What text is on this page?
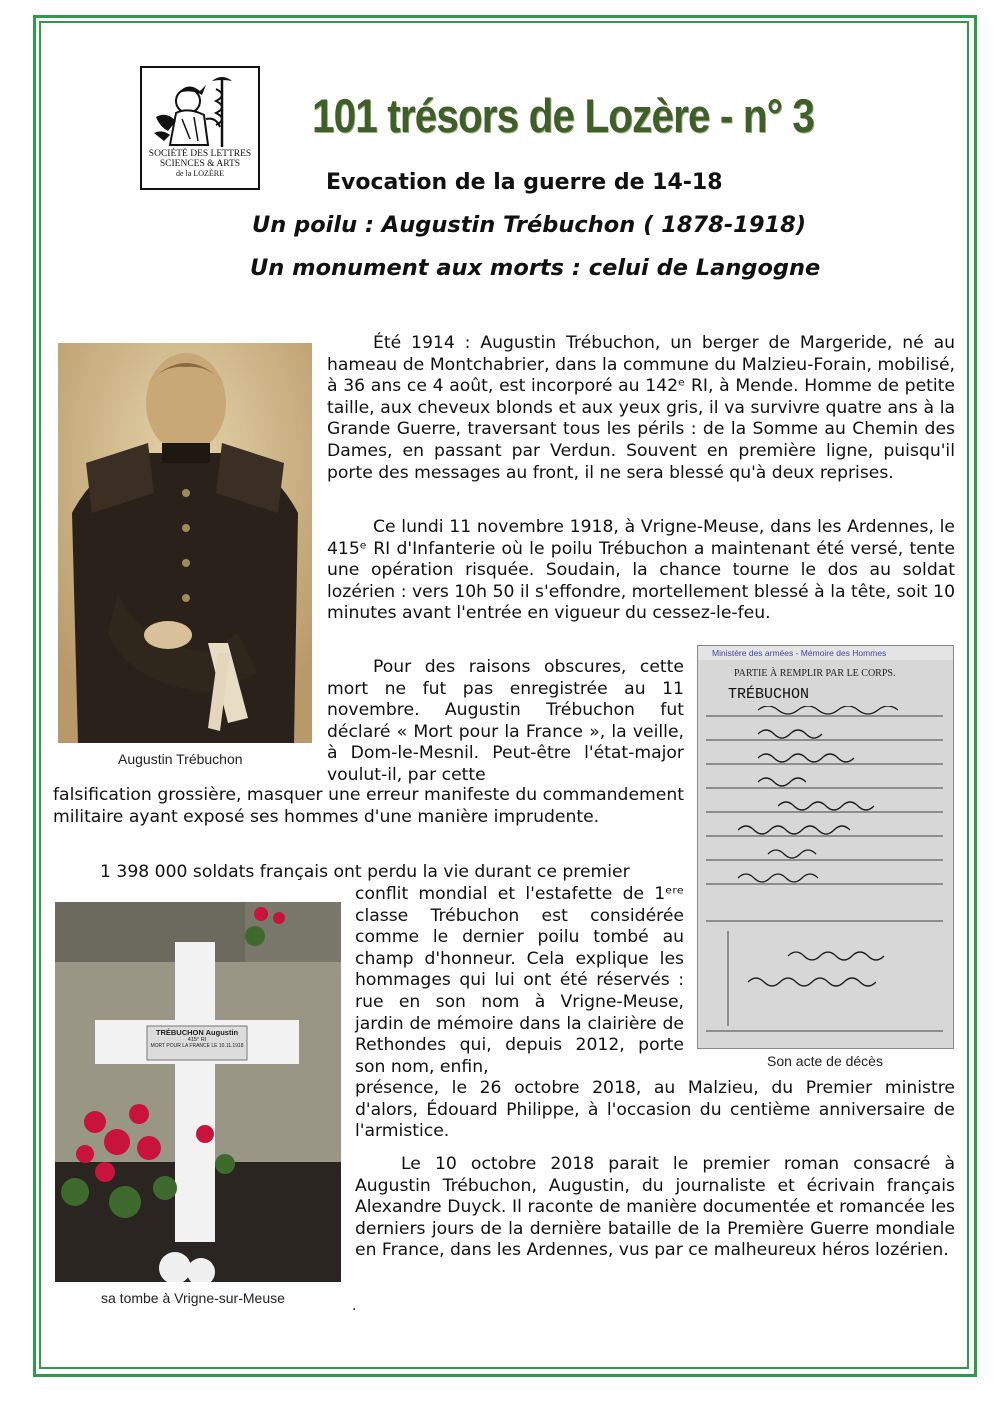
SOCIÉTÉ DES LETTRES
SCIENCES & ARTS
de la LOZÈRE
101 trésors de Lozère - n° 3
Evocation de la guerre de 14-18
Un poilu : Augustin Trébuchon ( 1878-1918)
Un monument aux morts : celui de Langogne
Augustin Trébuchon

Été 1914 : Augustin Trébuchon, un berger de Margeride, né au hameau de Montchabrier, dans la commune du Malzieu-Forain, mobilisé, à 36 ans ce 4 août, est incorporé au 142ᵉ RI, à Mende. Homme de petite taille, aux cheveux blonds et aux yeux gris, il va survivre quatre ans à la Grande Guerre, traversant tous les périls : de la Somme au Chemin des Dames, en passant par Verdun. Souvent en première ligne, puisqu'il porte des messages au front, il ne sera blessé qu'à deux reprises.

Ce lundi 11 novembre 1918, à Vrigne-Meuse, dans les Ardennes, le 415ᵉ RI d'Infanterie où le poilu Trébuchon a maintenant été versé, tente une opération risquée. Soudain, la chance tourne le dos au soldat lozérien : vers 10h 50 il s'effondre, mortellement blessé à la tête, soit 10 minutes avant l'entrée en vigueur du cessez-le-feu.

Pour des raisons obscures, cette mort ne fut pas enregistrée au 11 novembre. Augustin Trébuchon fut déclaré « Mort pour la France », la veille, à Dom-le-Mesnil. Peut-être l'état-major voulut-il, par cette

falsification grossière, masquer une erreur manifeste du commandement militaire ayant exposé ses hommes d'une manière imprudente.

1 398 000 soldats français ont perdu la vie durant ce premier

conflit mondial et l'estafette de 1ᵉʳᵉ classe Trébuchon est considérée comme le dernier poilu tombé au champ d'honneur. Cela explique les hommages qui lui ont été réservés : rue en son nom à Vrigne-Meuse, jardin de mémoire dans la clairière de Rethondes qui, depuis 2012, porte son nom, enfin,

présence, le 26 octobre 2018, au Malzieu, du Premier ministre d'alors, Édouard Philippe, à l'occasion du centième anniversaire de l'armistice.

Le 10 octobre 2018 parait le premier roman consacré à Augustin Trébuchon, Augustin, du journaliste et écrivain français Alexandre Duyck. Il raconte de manière documentée et romancée les derniers jours de la dernière bataille de la Première Guerre mondiale en France, dans les Ardennes, vus par ce malheureux héros lozérien.

.
Ministère des armées - Mémoire des Hommes
PARTIE À REMPLIR PAR LE CORPS.
TRÉBUCHON
Son acte de décès
TRÉBUCHON Augustin
415° RI
MORT POUR LA FRANCE LE 10.11.1918
sa tombe à Vrigne-sur-Meuse
